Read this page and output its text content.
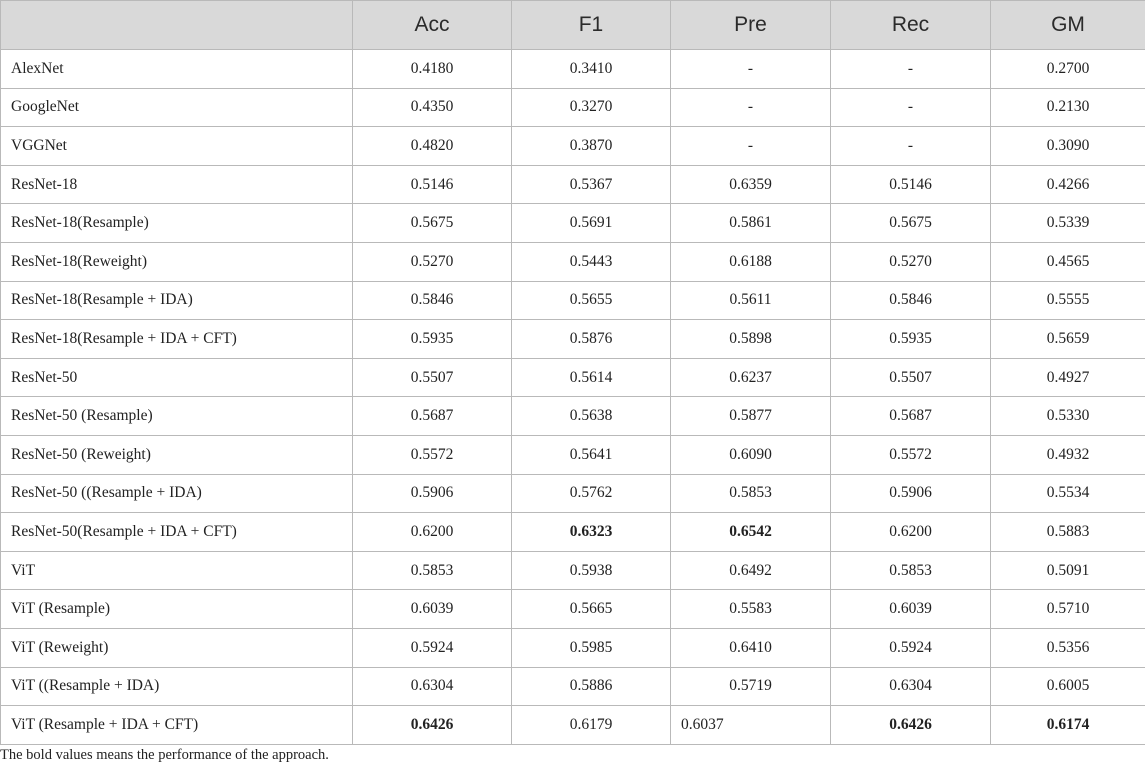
	Acc	F1	Pre	Rec	GM
AlexNet	0.4180	0.3410	-	-	0.2700
GoogleNet	0.4350	0.3270	-	-	0.2130
VGGNet	0.4820	0.3870	-	-	0.3090
ResNet-18	0.5146	0.5367	0.6359	0.5146	0.4266
ResNet-18(Resample)	0.5675	0.5691	0.5861	0.5675	0.5339
ResNet-18(Reweight)	0.5270	0.5443	0.6188	0.5270	0.4565
ResNet-18(Resample + IDA)	0.5846	0.5655	0.5611	0.5846	0.5555
ResNet-18(Resample + IDA + CFT)	0.5935	0.5876	0.5898	0.5935	0.5659
ResNet-50	0.5507	0.5614	0.6237	0.5507	0.4927
ResNet-50 (Resample)	0.5687	0.5638	0.5877	0.5687	0.5330
ResNet-50 (Reweight)	0.5572	0.5641	0.6090	0.5572	0.4932
ResNet-50 ((Resample + IDA)	0.5906	0.5762	0.5853	0.5906	0.5534
ResNet-50(Resample + IDA + CFT)	0.6200	0.6323	0.6542	0.6200	0.5883
ViT	0.5853	0.5938	0.6492	0.5853	0.5091
ViT (Resample)	0.6039	0.5665	0.5583	0.6039	0.5710
ViT (Reweight)	0.5924	0.5985	0.6410	0.5924	0.5356
ViT ((Resample + IDA)	0.6304	0.5886	0.5719	0.6304	0.6005
ViT (Resample + IDA + CFT)	0.6426	0.6179	0.6037	0.6426	0.6174
The bold values means the performance of the approach.
